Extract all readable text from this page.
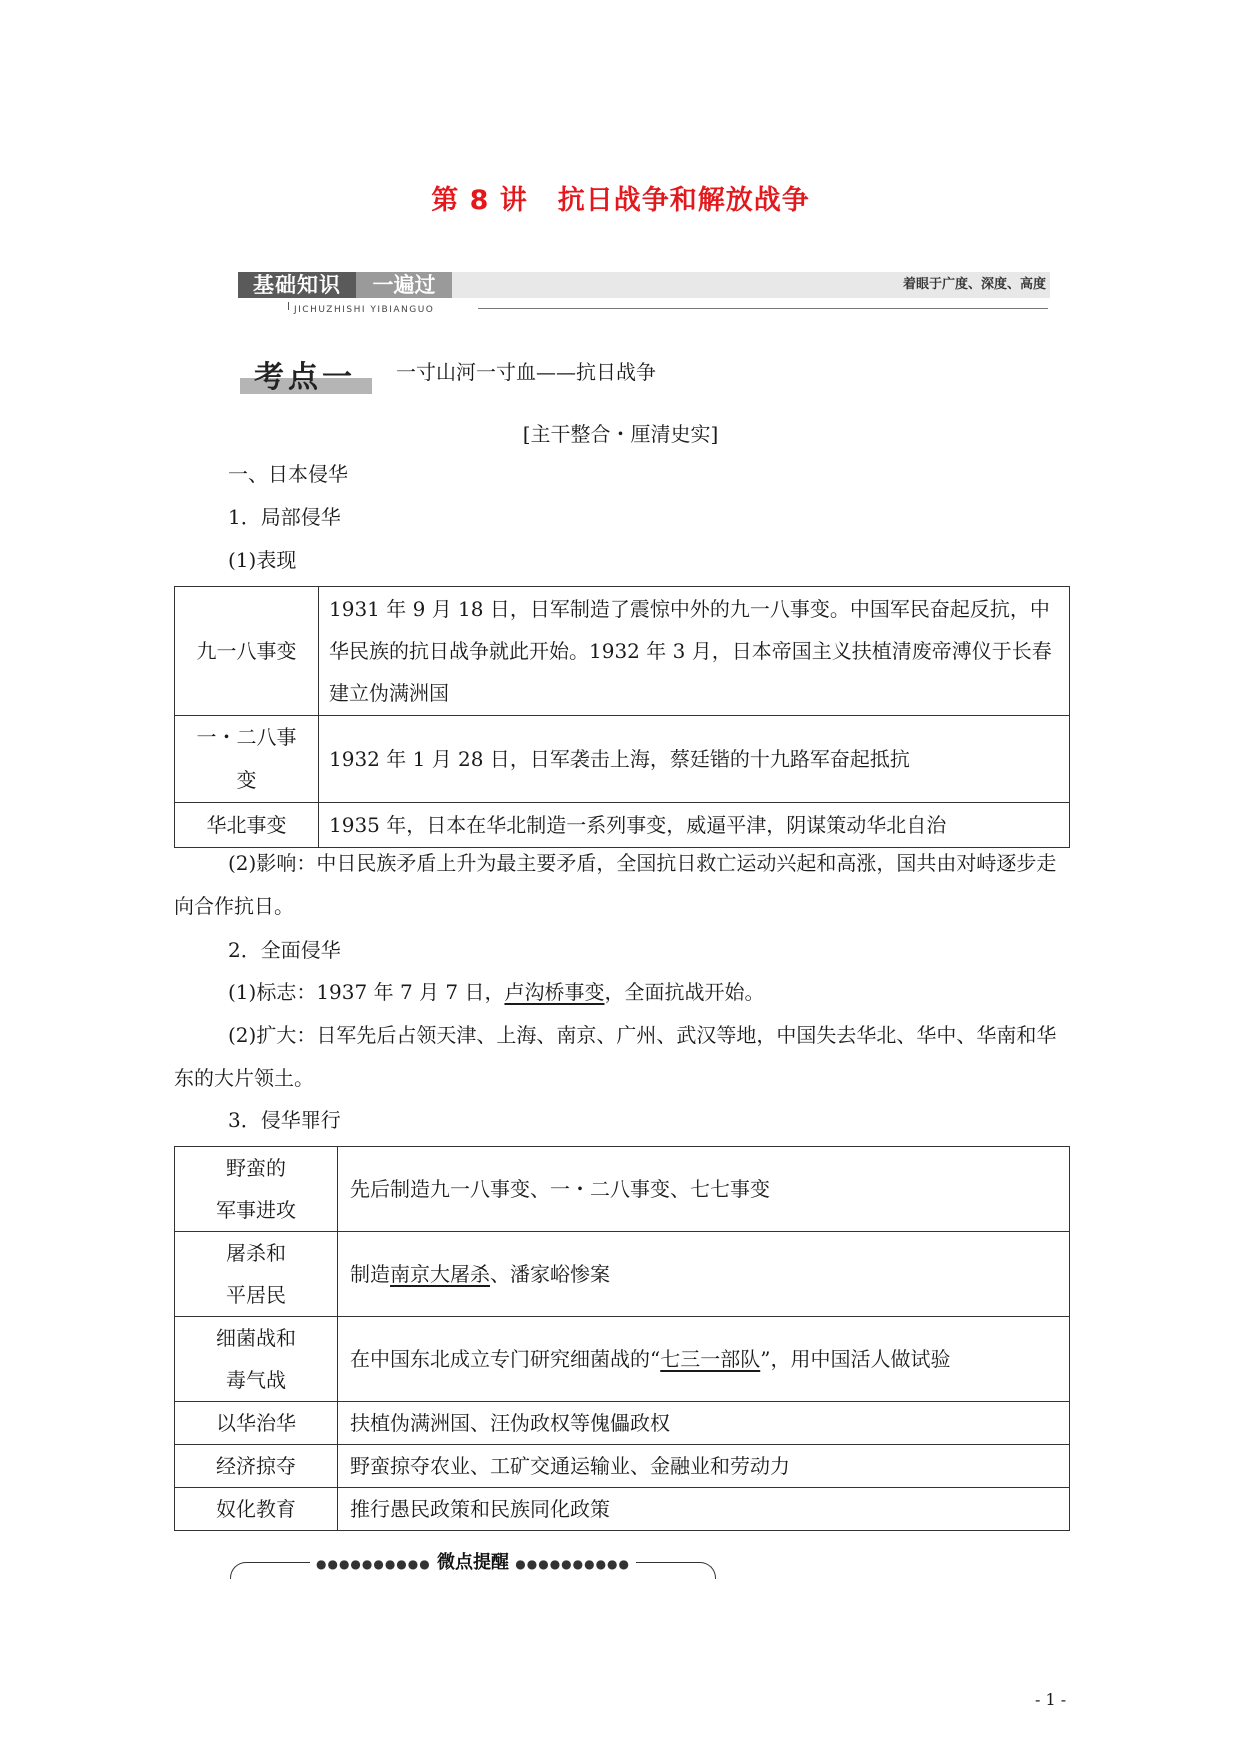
第 8 讲 抗日战争和解放战争
基础知识	一遍过	着眼于广度、深度、高度
JICHUZHISHI YIBIANGUO
考点一 一寸山河一寸血——抗日战争
[主干整合・厘清史实]
一、日本侵华
1．局部侵华
(1)表现
九一八事变	1931 年 9 月 18 日，日军制造了震惊中外的九一八事变。中国军民奋起反抗，中华民族的抗日战争就此开始。1932 年 3 月，日本帝国主义扶植清废帝溥仪于长春建立伪满洲国
一・二八事变	1932 年 1 月 28 日，日军袭击上海，蔡廷锴的十九路军奋起抵抗
华北事变	1935 年，日本在华北制造一系列事变，威逼平津，阴谋策动华北自治
(2)影响：中日民族矛盾上升为最主要矛盾，全国抗日救亡运动兴起和高涨，国共由对峙逐步走向合作抗日。
2．全面侵华
(1)标志：1937 年 7 月 7 日，卢沟桥事变，全面抗战开始。
(2)扩大：日军先后占领天津、上海、南京、广州、武汉等地，中国失去华北、华中、华南和华东的大片领土。
3．侵华罪行
野蛮的
军事进攻	先后制造九一八事变、一・二八事变、七七事变
屠杀和
平居民	制造南京大屠杀、潘家峪惨案
细菌战和
毒气战	在中国东北成立专门研究细菌战的“七三一部队”，用中国活人做试验
以华治华	扶植伪满洲国、汪伪政权等傀儡政权
经济掠夺	野蛮掠夺农业、工矿交通运输业、金融业和劳动力
奴化教育	推行愚民政策和民族同化政策
●●●●●●●●●● 微点提醒 ●●●●●●●●●●
- 1 -
